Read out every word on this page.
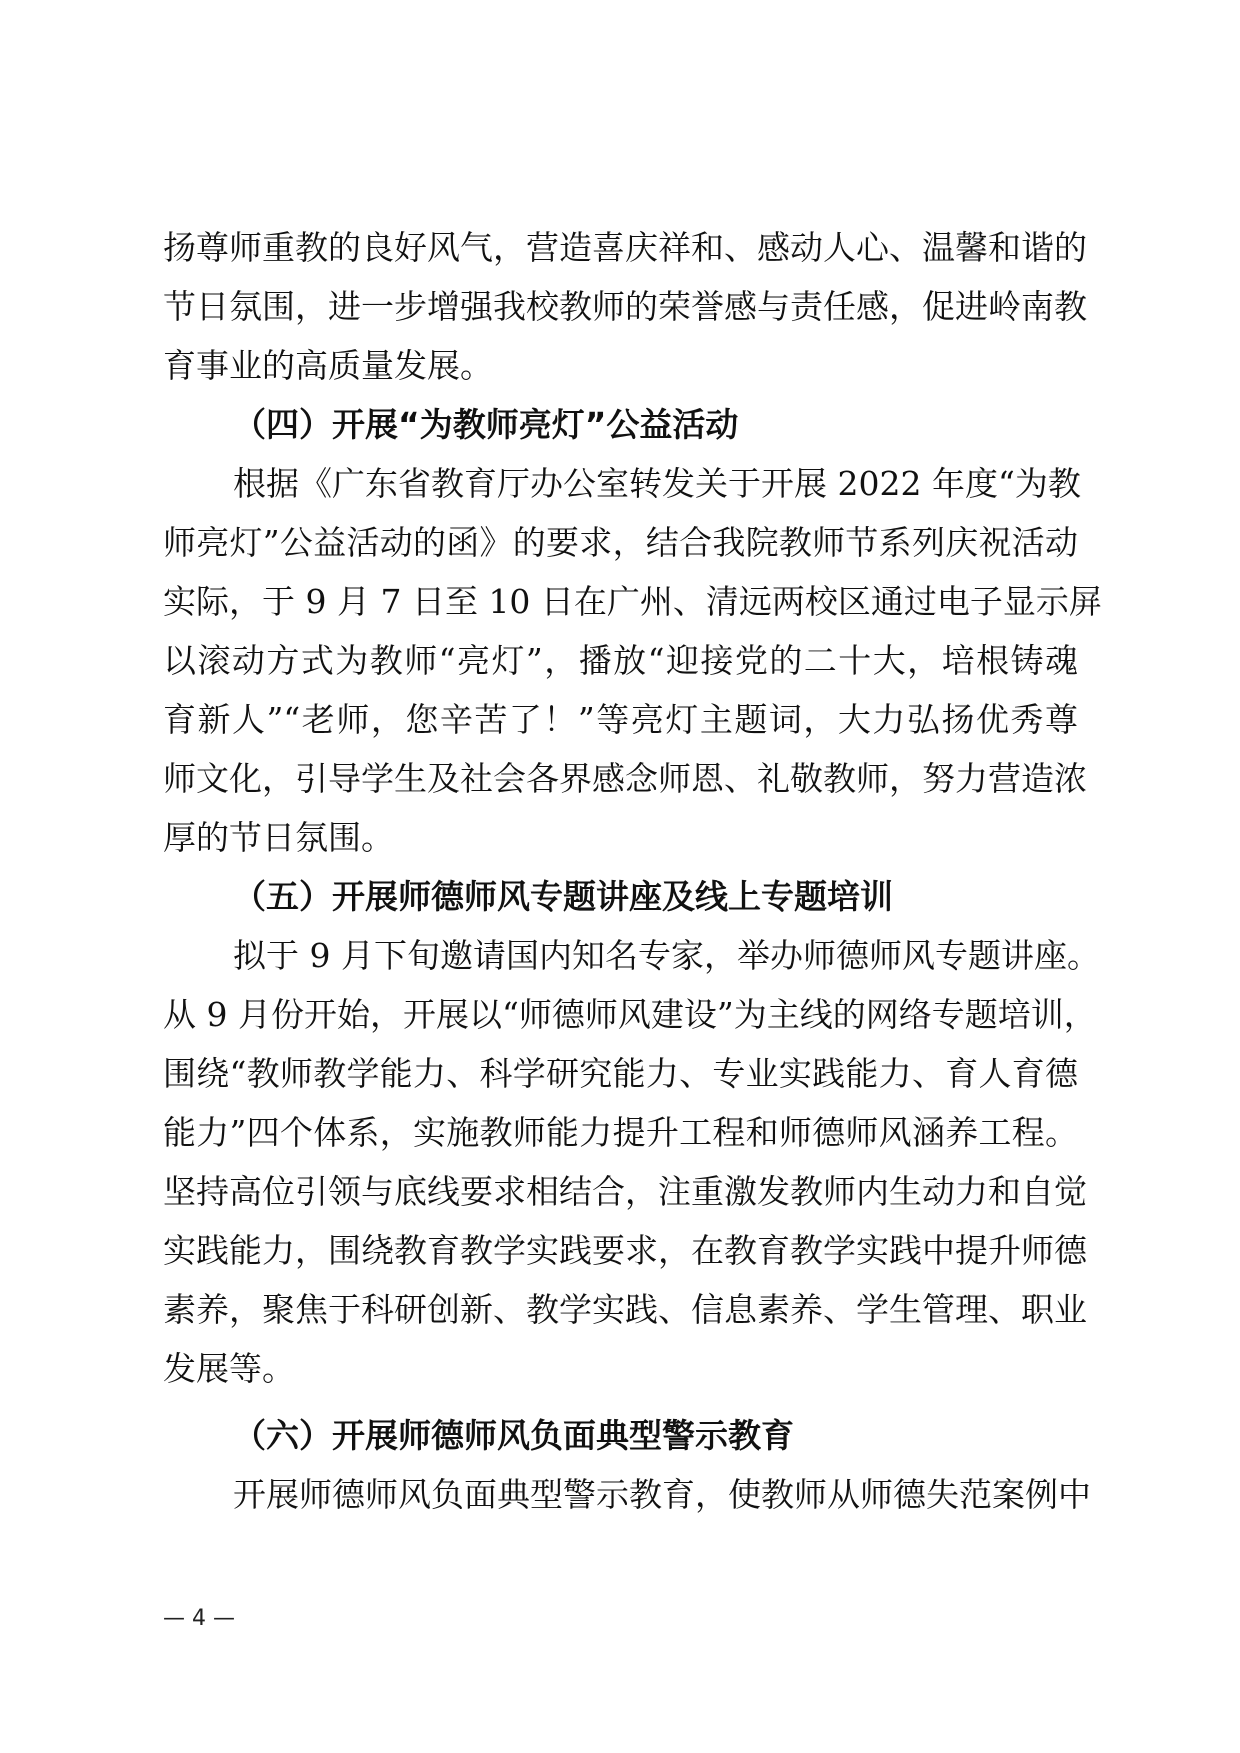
扬尊师重教的良好风气，营造喜庆祥和、感动人心、温馨和谐的
节日氛围，进一步增强我校教师的荣誉感与责任感，促进岭南教
育事业的高质量发展。
（四）开展“为教师亮灯”公益活动
根据《广东省教育厅办公室转发关于开展 2022 年度“为教
师亮灯”公益活动的函》的要求，结合我院教师节系列庆祝活动
实际，于 9 月 7 日至 10 日在广州、清远两校区通过电子显示屏
以滚动方式为教师“亮灯”，播放“迎接党的二十大，培根铸魂
育新人”“老师，您辛苦了！”等亮灯主题词，大力弘扬优秀尊
师文化，引导学生及社会各界感念师恩、礼敬教师，努力营造浓
厚的节日氛围。
（五）开展师德师风专题讲座及线上专题培训
拟于 9 月下旬邀请国内知名专家，举办师德师风专题讲座。
从 9 月份开始，开展以“师德师风建设”为主线的网络专题培训，
围绕“教师教学能力、科学研究能力、专业实践能力、育人育德
能力”四个体系，实施教师能力提升工程和师德师风涵养工程。
坚持高位引领与底线要求相结合，注重激发教师内生动力和自觉
实践能力，围绕教育教学实践要求，在教育教学实践中提升师德
素养，聚焦于科研创新、教学实践、信息素养、学生管理、职业
发展等。
（六）开展师德师风负面典型警示教育
开展师德师风负面典型警示教育，使教师从师德失范案例中
— 4 —
